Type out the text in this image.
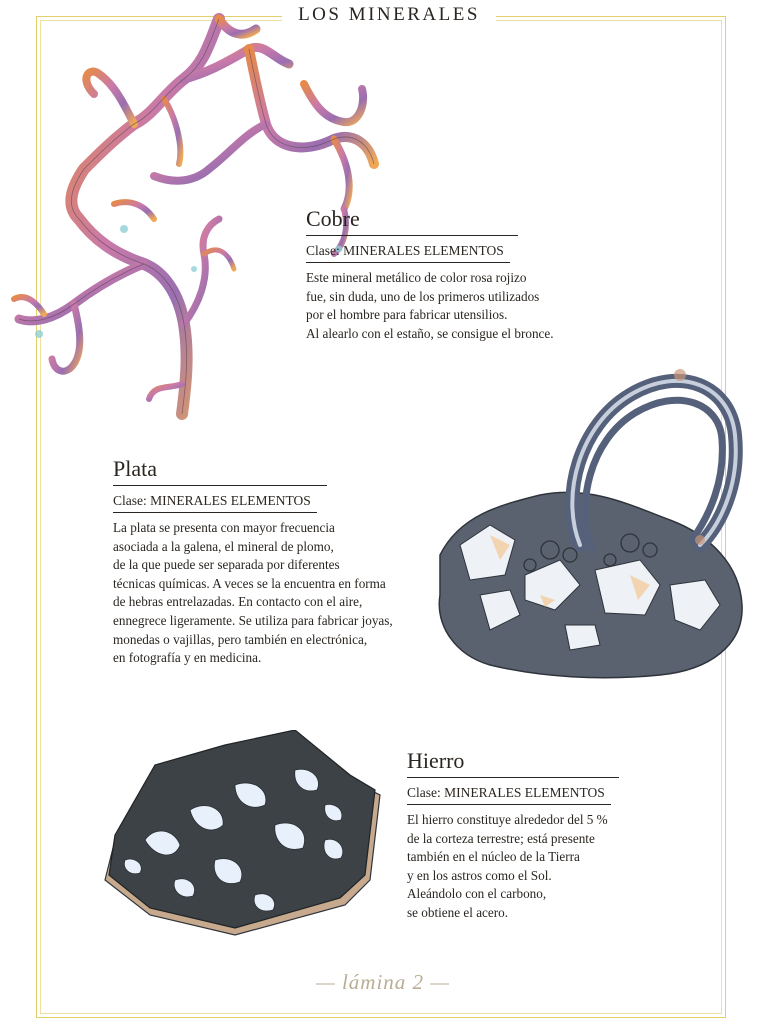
LOS MINERALES
Cobre
Clase: MINERALES ELEMENTOS

Este mineral metálico de color rosa rojizo

fue, sin duda, uno de los primeros utilizados

por el hombre para fabricar utensilios.

Al alearlo con el estaño, se consigue el bronce.

Plata
Clase: MINERALES ELEMENTOS

La plata se presenta con mayor frecuencia

asociada a la galena, el mineral de plomo,

de la que puede ser separada por diferentes

técnicas químicas. A veces se la encuentra en forma

de hebras entrelazadas. En contacto con el aire,

ennegrece ligeramente. Se utiliza para fabricar joyas,

monedas o vajillas, pero también en electrónica,

en fotografía y en medicina.

Hierro
Clase: MINERALES ELEMENTOS

El hierro constituye alrededor del 5 %

de la corteza terrestre; está presente

también en el núcleo de la Tierra

y en los astros como el Sol.

Aleándolo con el carbono,

se obtiene el acero.

— lámina 2 —
